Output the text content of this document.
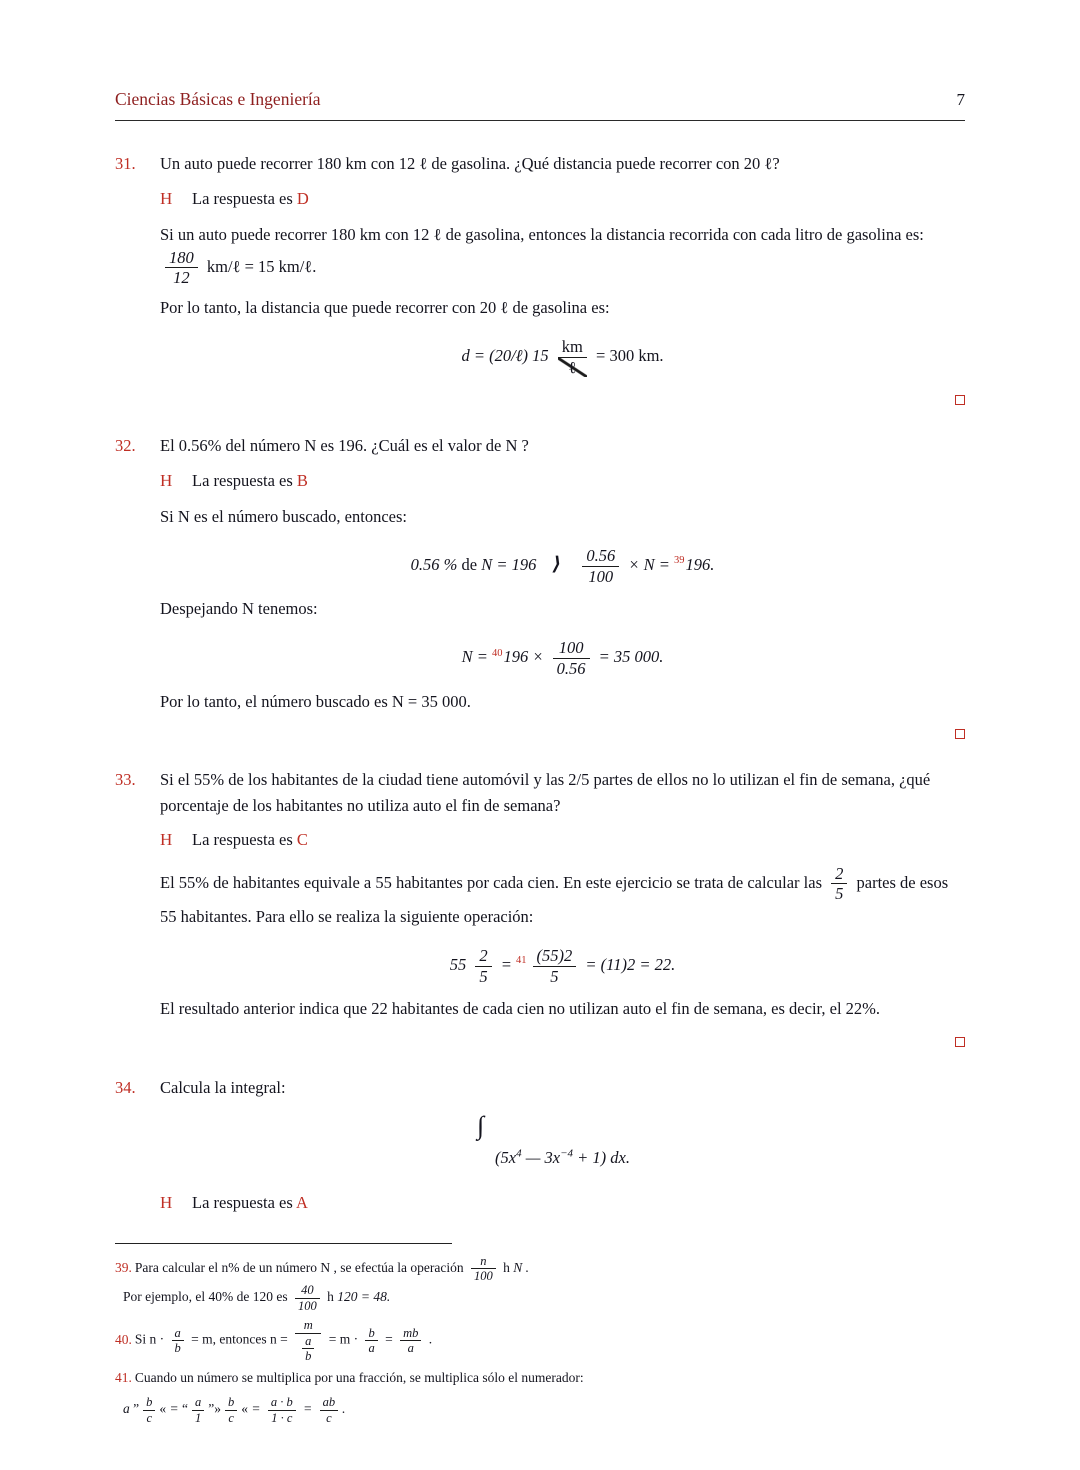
Ciencias Básicas e Ingeniería	7
31. Un auto puede recorrer 180 km con 12 ℓ de gasolina. ¿Qué distancia puede recorrer con 20 ℓ?

H La respuesta es D

Si un auto puede recorrer 180 km con 12 ℓ de gasolina, entonces la distancia recorrida con cada litro de gasolina es:
$\frac{180}{12}$ km/ℓ = 15 km/ℓ.

Por lo tanto, la distancia que puede recorrer con 20 ℓ de gasolina es:

d = (20/ℓ) $15 \frac{km}{\text{ℓ}} = 300$ km.
32. El 0.56% del número N es 196. ¿Cuál es el valor de N ?

H La respuesta es B

Si N es el número buscado, entonces:

0.56 % de N = 196 ⟩ $\frac{0.56}{100} \times N = ^{39}196$.

Despejando N tenemos:

$N = ^{40}196 \times \frac{100}{0.56} = 35$ 000.

Por lo tanto, el número buscado es N = 35 000.

33. Si el 55% de los habitantes de la ciudad tiene automóvil y las 2/5 partes de ellos no lo utilizan el fin de semana, ¿qué porcentaje de los habitantes no utiliza auto el fin de semana?

H La respuesta es C

El 55% de habitantes equivale a 55 habitantes por cada cien. En este ejercicio se trata de calcular las $\frac{2}{5}$ partes de esos 55 habitantes. Para ello se realiza la siguiente operación:

$55 \frac{2}{5} = ^{41} \frac{(55)2}{5} = (11)2 = 22$.

El resultado anterior indica que 22 habitantes de cada cien no utilizan auto el fin de semana, es decir, el 22%.

34. Calcula la integral:

∫
($5x^4$ — $3x^{-4} + 1$) dx.
H La respuesta es A
39. Para calcular el n% de un número N , se efectúa la operación $\frac{n}{100}$ h N .
Por ejemplo, el 40% de 120 es $\frac{40}{100}$ h 120 = 48.
40. Si $n \cdot \frac{a}{b} = m$, entonces $n = \frac{m}{\frac{a}{b}} = m \cdot \frac{b}{a} = \frac{mb}{a}$ .
41. Cuando un número se multiplica por una fracción, se multiplica sólo el numerador:
a ” $\frac{b}{c}$ « = “ $\frac{a}{1}$ ”» $\frac{b}{c}$ « = $\frac{a \cdot b}{1 \cdot c} = \frac{ab}{c}$ .
